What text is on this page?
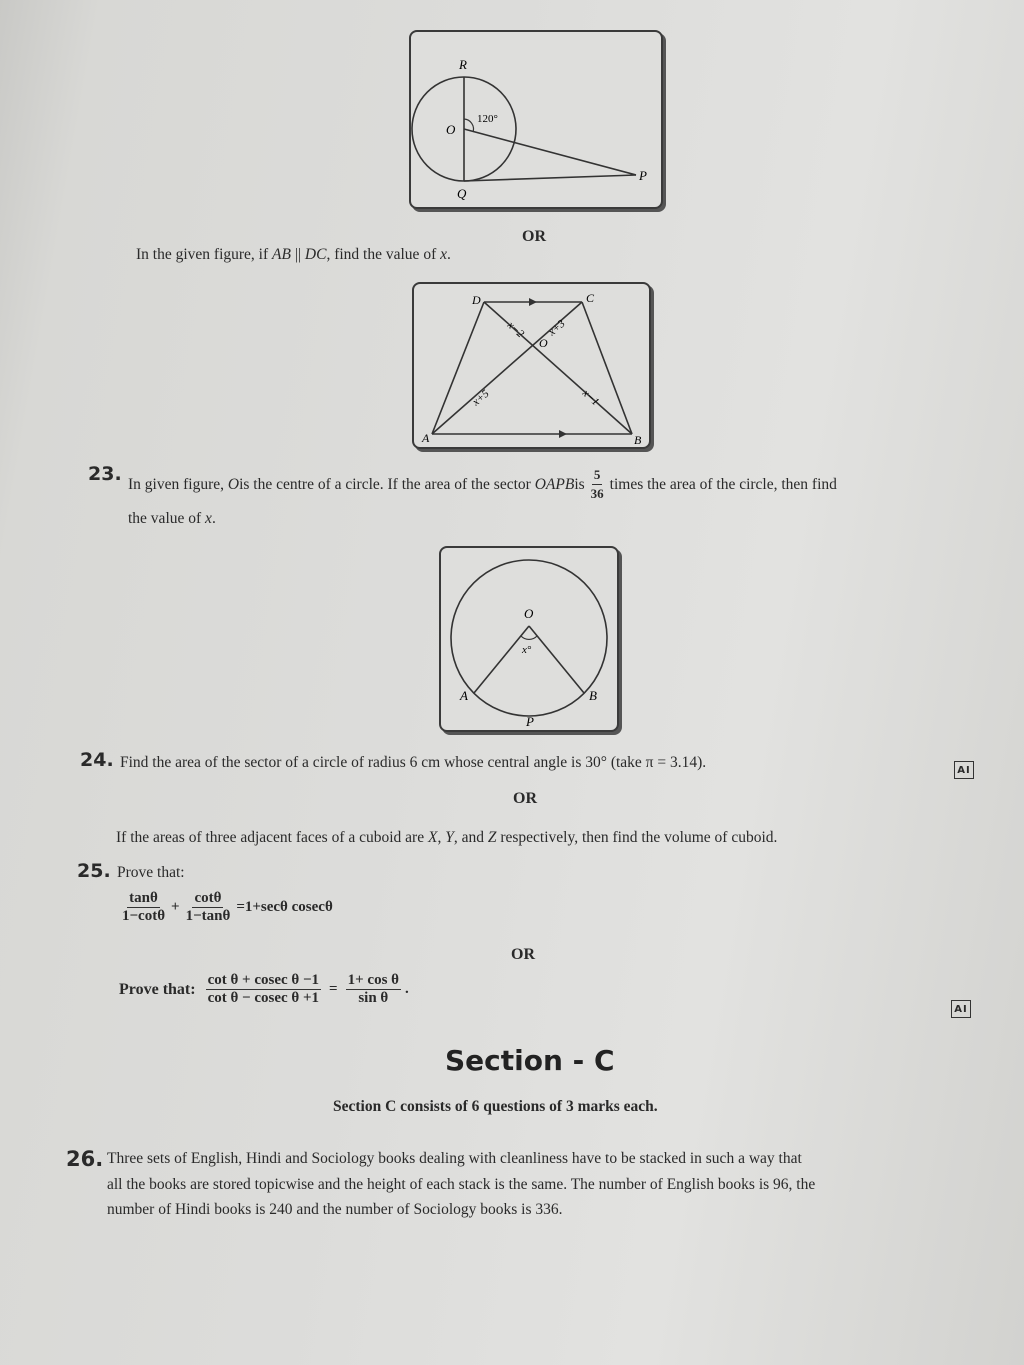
R
O
120°
Q
P
OR
In the given figure, if AB || DC, find the value of x.
D	C
A	B
O
x−2 x+3
x+5	x−1
23. In given figure,
O is the centre of a circle. If the area of the sector
OAPB is $\frac{5}{36}$ times the area of the circle, then find
the value of x.
O
x°
A	B
P
24. Find the area of the sector of a circle of radius 6 cm whose central angle is 30° (take π = 3.14).	AI
OR
If the areas of three adjacent faces of a cuboid are X, Y, and Z respectively, then find the volume of cuboid.
25. Prove that:
$\frac{\tan\theta}{1-\cot\theta} + \frac{\cot\theta}{1-\tan\theta} =1+\sec\theta$ cosecθ
OR
Prove that: $\frac{\text{cot θ + cosec θ −1}}{\text{cot θ − cosec θ +1}} = \frac{\text{1+ cos θ}}{\text{sin θ}}$ .
AI
Section - C
Section C consists of 6 questions of 3 marks each.
26. Three sets of English, Hindi and Sociology books dealing with cleanliness have to be stacked in such a way that
all the books are stored topicwise and the height of each stack is the same. The number of English books is 96, the
number of Hindi books is 240 and the number of Sociology books is 336.
